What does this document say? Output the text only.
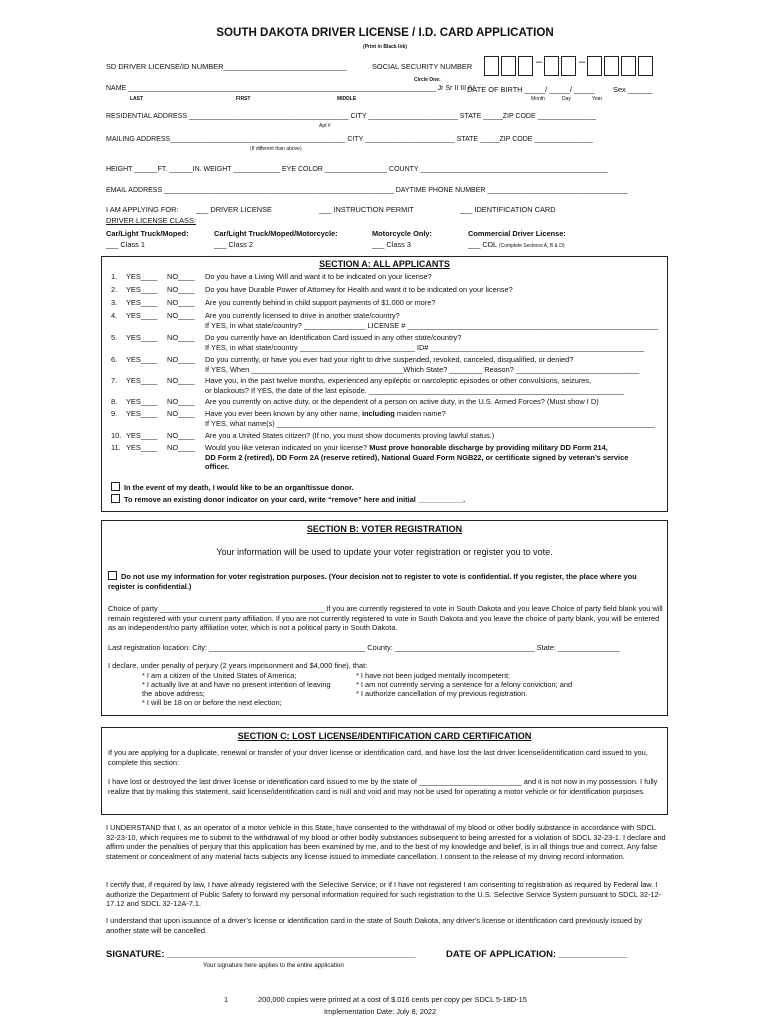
SOUTH DAKOTA DRIVER LICENSE / I.D. CARD APPLICATION
(Print in Black Ink)
SD DRIVER LICENSE/ID NUMBER______________________________	SOCIAL SECURITY NUMBER	–	–
Circle One:
NAME _______________________________________________________________________________ Jr Sr II III IV
DATE OF BIRTH _____/ _____/ _____	Sex ______
LAST	FIRST	MIDDLE	Month	Day	Year
RESIDENTIAL ADDRESS _________________________________________ CITY _______________________ STATE _____ZIP CODE _______________
Apt #
MAILING ADDRESS_____________________________________________ CITY _______________________ STATE _____ZIP CODE _______________
(If different than above)
HEIGHT ______FT. ______IN. WEIGHT ____________ EYE COLOR ________________ COUNTY ________________________________________________
EMAIL ADDRESS ___________________________________________________________ DAYTIME PHONE NUMBER ____________________________________
I AM APPLYING FOR: ___ DRIVER LICENSE	___ INSTRUCTION PERMIT	___ IDENTIFICATION CARD
DRIVER LICENSE CLASS:
Car/Light Truck/Moped:	Car/Light Truck/Moped/Motorcycle:	Motorcycle Only:	Commercial Driver License:
___ Class 1	___ Class 2	___ Class 3	___ CDL (Complete Sections A, B & D)
SECTION A: ALL APPLICANTS
1. YES____ NO____ Do you have a Living Will and want it to be indicated on your license?
2. YES____ NO____ Do you have Durable Power of Attorney for Health and want it to be indicated on your license?
3. YES____ NO____ Are you currently behind in child support payments of $1,000 or more?
4. YES____ NO____ Are you currently licensed to drive in another state/country?
If YES, in what state/country? _______________ LICENSE # _____________________________________________________________
5. YES____ NO____ Do you currently have an Identification Card issued in any other state/country?
If YES, in what state/country ____________________________ ID# ____________________________________________________
6. YES____ NO____ Do you currently, or have you ever had your right to drive suspended, revoked, canceled, disqualified, or denied?
If YES, When _____________________________________Which State? ________ Reason? ______________________________
7. YES____ NO____ Have you, in the past twelve months, experienced any epileptic or narcoleptic episodes or other convulsions, seizures,
or blackouts? If YES, the date of the last episode. ______________________________________________________________
8. YES____ NO____ Are you currently on active duty, or the dependent of a person on active duty, in the U.S. Armed Forces? (Must show I D)
9. YES____ NO____ Have you ever been known by any other name, including maiden name?
If YES, what name(s) ____________________________________________________________________________________________
10. YES____ NO____ Are you a United States citizen? (If no, you must show documents proving lawful status.)
11. YES____ NO____ Would you like veteran indicated on your license? Must prove honorable discharge by providing military DD Form 214,
DD Form 2 (retired), DD Form 2A (reserve retired), National Guard Form NGB22, or certificate signed by veteran’s service
officer.
In the event of my death, I would like to be an organ/tissue donor.
To remove an existing donor indicator on your card, write “remove” here and initial ___________.
SECTION B: VOTER REGISTRATION
Your information will be used to update your voter registration or register you to vote.
Do not use my information for voter registration purposes. (Your decision not to register to vote is confidential. If you register, the place where you register is confidential.)
Choice of party ________________________________________ If you are currently registered to vote in South Dakota and you leave Choice of party field blank you will remain registered with your current party affiliation. If you are not currently registered to vote in South Dakota and you leave the choice of party blank, you will be entered as an independent/no party affiliation voter, which is not a political party in South Dakota.
Last registration location: City: ______________________________________ County: __________________________________ State: _______________
I declare, under penalty of perjury (2 years imprisonment and $4,000 fine), that:
* I am a citizen of the United States of America;
* I actually live at and have no present intention of leaving
the above address;
* I will be 18 on or before the next election;
* I have not been judged mentally incompetent;
* I am not currently serving a sentence for a felony conviction; and
* I authorize cancellation of my previous registration.
SECTION C: LOST LICENSE/IDENTIFICATION CARD CERTIFICATION
If you are applying for a duplicate, renewal or transfer of your driver license or identification card, and have lost the last driver license/identification card issued to you, complete this section:
I have lost or destroyed the last driver license or identification card issued to me by the state of _________________________ and it is not now in my possession. I fully realize that by making this statement, said license/identification card is null and void and may not be used for operating a motor vehicle or for identification purposes.
I UNDERSTAND that I, as an operator of a motor vehicle in this State, have consented to the withdrawal of my blood or other bodily substance in accordance with SDCL 32-23-10, which requires me to submit to the withdrawal of my blood or other bodily substances subsequent to being arrested for a violation of SDCL 32-23-1. I declare and affirm under the penalties of perjury that this application has been examined by me, and to the best of my knowledge and belief, is in all things true and correct. Any false statement or concealment of any material facts subjects any license issued to immediate cancellation. I consent to the release of my driving record information.
I certify that, if required by law, I have already registered with the Selective Service; or if I have not registered I am consenting to registration as required by Federal law. I authorize the Department of Public Safety to forward my personal information required for such registration to the U.S. Selective Service System pursuant to SDCL 32-12-17.12 and SDCL 32-12A-7.1.
I understand that upon issuance of a driver’s license or identification card in the state of South Dakota, any driver’s license or identification card previously issued by another state will be cancelled.
SIGNATURE: _______________________________________________	DATE OF APPLICATION: _____________
Your signature here applies to the entire application
1	200,000 copies were printed at a cost of $.016 cents per copy per SDCL 5-18D-15
Implementation Date: July 8, 2022
